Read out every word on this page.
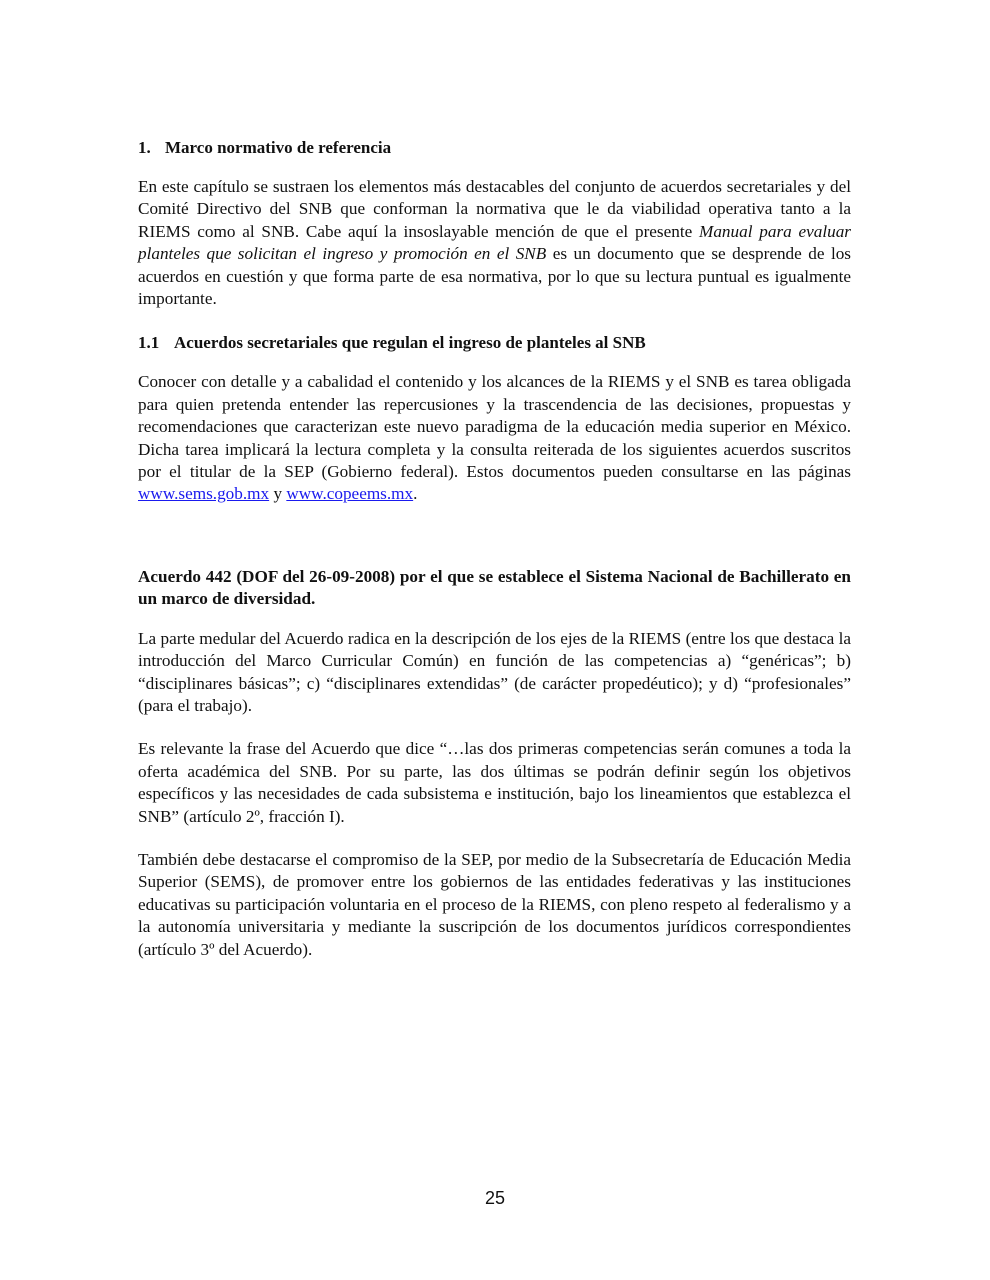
1. Marco normativo de referencia

En este capítulo se sustraen los elementos más destacables del conjunto de acuerdos secretariales y del Comité Directivo del SNB que conforman la normativa que le da viabilidad operativa tanto a la RIEMS como al SNB. Cabe aquí la insoslayable mención de que el presente Manual para evaluar planteles que solicitan el ingreso y promoción en el SNB es un documento que se desprende de los acuerdos en cuestión y que forma parte de esa normativa, por lo que su lectura puntual es igualmente importante.

1.1 Acuerdos secretariales que regulan el ingreso de planteles al SNB

Conocer con detalle y a cabalidad el contenido y los alcances de la RIEMS y el SNB es tarea obligada para quien pretenda entender las repercusiones y la trascendencia de las decisiones, propuestas y recomendaciones que caracterizan este nuevo paradigma de la educación media superior en México. Dicha tarea implicará la lectura completa y la consulta reiterada de los siguientes acuerdos suscritos por el titular de la SEP (Gobierno federal). Estos documentos pueden consultarse en las páginas www.sems.gob.mx y www.copeems.mx.

Acuerdo 442 (DOF del 26-09-2008) por el que se establece el Sistema Nacional de Bachillerato en un marco de diversidad.

La parte medular del Acuerdo radica en la descripción de los ejes de la RIEMS (entre los que destaca la introducción del Marco Curricular Común) en función de las competencias a) “genéricas”; b) “disciplinares básicas”; c) “disciplinares extendidas” (de carácter propedéutico); y d) “profesionales” (para el trabajo).

Es relevante la frase del Acuerdo que dice “…las dos primeras competencias serán comunes a toda la oferta académica del SNB. Por su parte, las dos últimas se podrán definir según los objetivos específicos y las necesidades de cada subsistema e institución, bajo los lineamientos que establezca el SNB” (artículo 2º, fracción I).

También debe destacarse el compromiso de la SEP, por medio de la Subsecretaría de Educación Media Superior (SEMS), de promover entre los gobiernos de las entidades federativas y las instituciones educativas su participación voluntaria en el proceso de la RIEMS, con pleno respeto al federalismo y a la autonomía universitaria y mediante la suscripción de los documentos jurídicos correspondientes (artículo 3º del Acuerdo).

25
